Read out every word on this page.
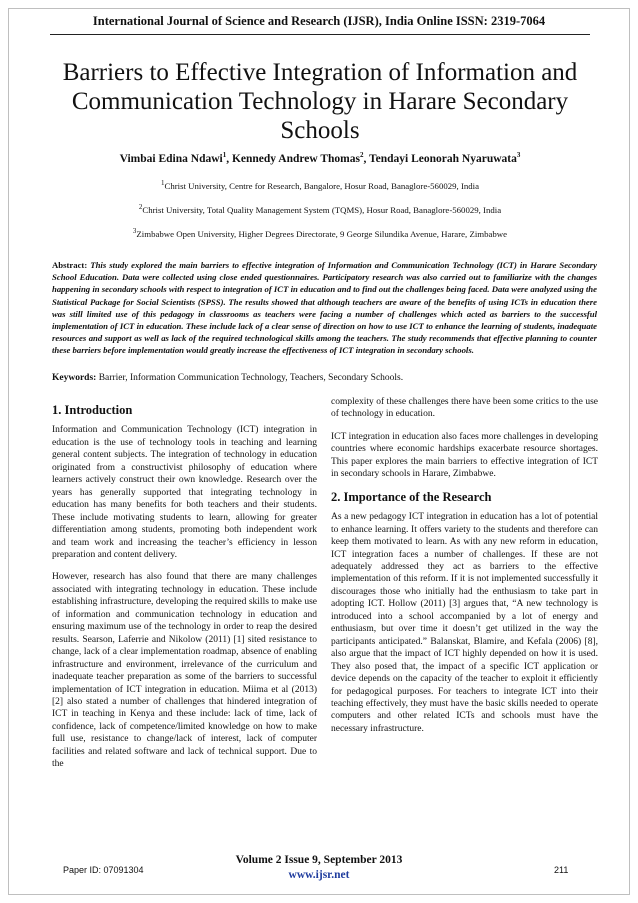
International Journal of Science and Research (IJSR), India Online ISSN: 2319-7064
Barriers to Effective Integration of Information and Communication Technology in Harare Secondary Schools
Vimbai Edina Ndawi$^1$, Kennedy Andrew Thomas$^2$, Tendayi Leonorah Nyaruwata$^3$
$^1$Christ University, Centre for Research, Bangalore, Hosur Road, Banaglore-560029, India
$^2$Christ University, Total Quality Management System (TQMS), Hosur Road, Banaglore-560029, India
$^3$Zimbabwe Open University, Higher Degrees Directorate, 9 George Silundika Avenue, Harare, Zimbabwe
Abstract: This study explored the main barriers to effective integration of Information and Communication Technology (ICT) in Harare Secondary School Education. Data were collected using close ended questionnaires. Participatory research was also carried out to familiarize with the changes happening in secondary schools with respect to integration of ICT in education and to find out the challenges being faced. Data were analyzed using the Statistical Package for Social Scientists (SPSS). The results showed that although teachers are aware of the benefits of using ICTs in education there was still limited use of this pedagogy in classrooms as teachers were facing a number of challenges which acted as barriers to the successful implementation of ICT in education. These include lack of a clear sense of direction on how to use ICT to enhance the learning of students, inadequate resources and support as well as lack of the required technological skills among the teachers. The study recommends that effective planning to counter these barriers before implementation would greatly increase the effectiveness of ICT integration in secondary schools.
Keywords: Barrier, Information Communication Technology, Teachers, Secondary Schools.
1. Introduction

Information and Communication Technology (ICT) integration in education is the use of technology tools in teaching and learning general content subjects. The integration of technology in education originated from a constructivist philosophy of education where learners actively construct their own knowledge. Research over the years has generally supported that integrating technology in education has many benefits for both teachers and their students. These include motivating students to learn, allowing for greater differentiation among students, promoting both independent work and team work and increasing the teacher’s efficiency in lesson preparation and content delivery.

However, research has also found that there are many challenges associated with integrating technology in education. These include establishing infrastructure, developing the required skills to make use of information and communication technology in education and ensuring maximum use of the technology in order to reap the desired results. Searson, Laferrie and Nikolow (2011) [1] sited resistance to change, lack of a clear implementation roadmap, absence of enabling infrastructure and environment, irrelevance of the curriculum and inadequate teacher preparation as some of the barriers to successful implementation of ICT integration in education. Miima et al (2013) [2] also stated a number of challenges that hindered integration of ICT in teaching in Kenya and these include: lack of time, lack of confidence, lack of competence/limited knowledge on how to make full use, resistance to change/lack of interest, lack of computer facilities and related software and lack of technical support. Due to the

complexity of these challenges there have been some critics to the use of technology in education.

ICT integration in education also faces more challenges in developing countries where economic hardships exacerbate resource shortages. This paper explores the main barriers to effective integration of ICT in secondary schools in Harare, Zimbabwe.

2. Importance of the Research

As a new pedagogy ICT integration in education has a lot of potential to enhance learning. It offers variety to the students and therefore can keep them motivated to learn. As with any new reform in education, ICT integration faces a number of challenges. If these are not adequately addressed they act as barriers to the effective implementation of this reform. If it is not implemented successfully it discourages those who initially had the enthusiasm to take part in adopting ICT. Hollow (2011) [3] argues that, “A new technology is introduced into a school accompanied by a lot of energy and enthusiasm, but over time it doesn’t get utilized in the way the participants anticipated.” Balanskat, Blamire, and Kefala (2006) [8], also argue that the impact of ICT highly depended on how it is used. They also posed that, the impact of a specific ICT application or device depends on the capacity of the teacher to exploit it efficiently for pedagogical purposes. For teachers to integrate ICT into their teaching effectively, they must have the basic skills needed to operate computers and other related ICTs and schools must have the necessary infrastructure.

Volume 2 Issue 9, September 2013
www.ijsr.net
Paper ID: 07091304	211
